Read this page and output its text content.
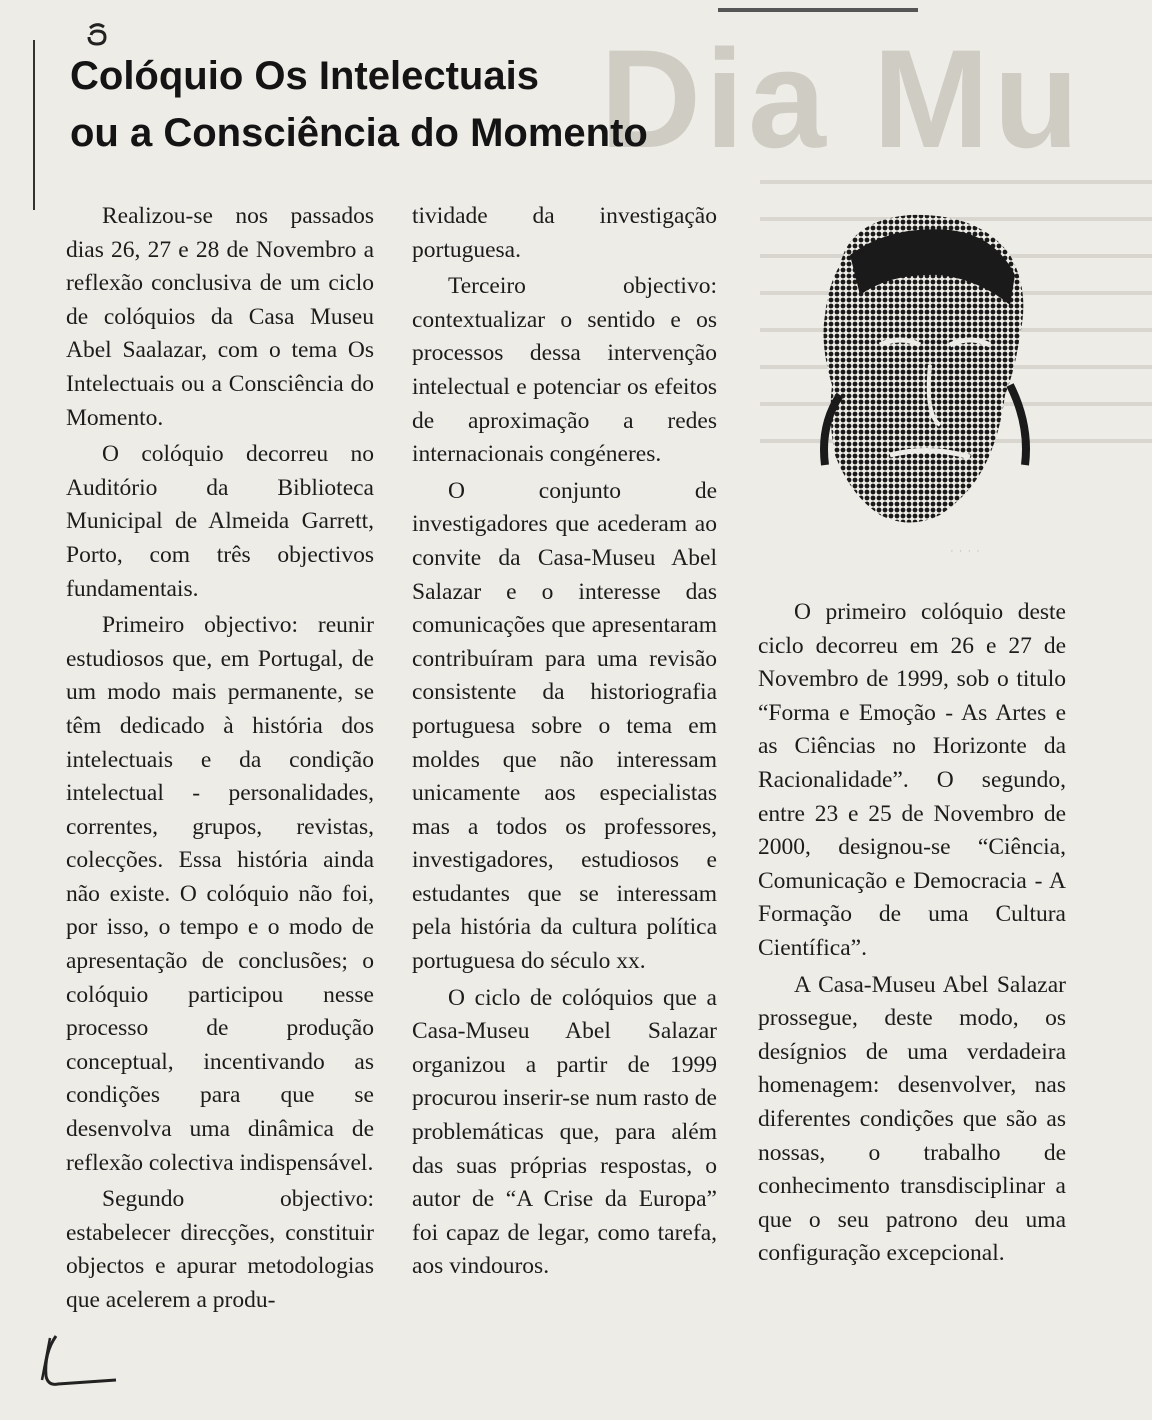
Dia Mu
Colóquio Os Intelectuais
ou a Consciência do Momento

Realizou-se nos passados dias 26, 27 e 28 de Novembro a reflexão conclusiva de um ciclo de colóquios da Casa Museu Abel Saalazar, com o tema Os Intelectuais ou a Consciência do Momento.

O colóquio decorreu no Auditório da Biblioteca Municipal de Almeida Garrett, Porto, com três objectivos fundamentais.

Primeiro objectivo: reunir estudiosos que, em Portugal, de um modo mais permanente, se têm dedicado à história dos intelectuais e da condição intelectual - personalidades, correntes, grupos, revistas, colecções. Essa história ainda não existe. O colóquio não foi, por isso, o tempo e o modo de apresentação de conclusões; o colóquio participou nesse processo de produção conceptual, incentivando as condições para que se desenvolva uma dinâmica de reflexão colectiva indispensável.

Segundo objectivo: estabelecer direcções, constituir objectos e apurar metodologias que acelerem a produ-

tividade da investigação portuguesa.

Terceiro objectivo: contextualizar o sentido e os processos dessa intervenção intelectual e potenciar os efeitos de aproximação a redes internacionais congéneres.

O conjunto de investigadores que acederam ao convite da Casa-Museu Abel Salazar e o interesse das comunicações que apresentaram contribuíram para uma revisão consistente da historiografia portuguesa sobre o tema em moldes que não interessam unicamente aos especialistas mas a todos os professores, investigadores, estudiosos e estudantes que se interessam pela história da cultura política portuguesa do século xx.

O ciclo de colóquios que a Casa-Museu Abel Salazar organizou a partir de 1999 procurou inserir-se num rasto de problemáticas que, para além das suas próprias respostas, o autor de “A Crise da Europa” foi capaz de legar, como tarefa, aos vindouros.

· · · ·

O primeiro colóquio deste ciclo decorreu em 26 e 27 de Novembro de 1999, sob o titulo “Forma e Emoção - As Artes e as Ciências no Horizonte da Racionalidade”. O segundo, entre 23 e 25 de Novembro de 2000, designou-se “Ciência, Comunicação e Democracia - A Formação de uma Cultura Científica”.

A Casa-Museu Abel Salazar prossegue, deste modo, os desígnios de uma verdadeira homenagem: desenvolver, nas diferentes condições que são as nossas, o trabalho de conhecimento transdisciplinar a que o seu patrono deu uma configuração excepcional.
